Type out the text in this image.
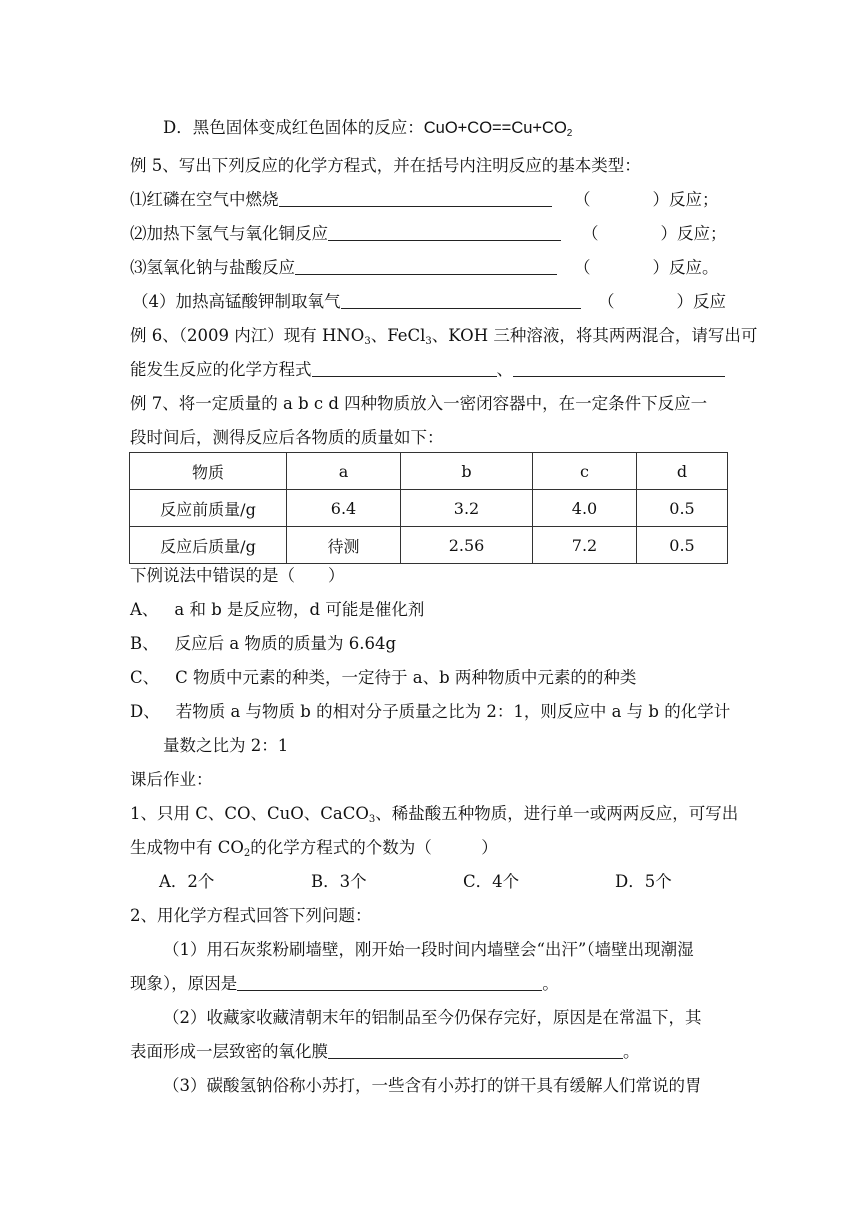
D．黑色固体变成红色固体的反应：$CuO+CO==Cu+CO_2$
例 5、写出下列反应的化学方程式，并在括号内注明反应的基本类型：
⑴红磷在空气中燃烧	（	）反应；
⑵加热下氢气与氧化铜反应	（	）反应；
⑶氢氧化钠与盐酸反应	（	）反应。
（4）加热高锰酸钾制取氧气	（	）反应
例 6、（2009 内江）现有 $HNO_3$、FeCl$_3$、KOH 三种溶液，将其两两混合，请写出可
能发生反应的化学方程式	、
例 7、将一定质量的 a b c d 四种物质放入一密闭容器中，在一定条件下反应一
段时间后，测得反应后各物质的质量如下：
物质	a	b	c	d
反应前质量/g	6.4	3.2	4.0	0.5
反应后质量/g	待测	2.56	7.2	0.5
下例说法中错误的是（　　）
A、 a 和 b 是反应物，d 可能是催化剂
B、 反应后 a 物质的质量为 6.64g
C、 C 物质中元素的种类，一定待于 a、b 两种物质中元素的的种类
D、 若物质 a 与物质 b 的相对分子质量之比为 2：1，则反应中 a 与 b 的化学计
量数之比为 2：1
课后作业：
1、只用 C、CO、CuO、CaCO$_3$、稀盐酸五种物质，进行单一或两两反应，可写出
生成物中有 $CO_2$的化学方程式的个数为（　　　）
A．2个	B．3个	C．4个	D．5个
2、用化学方程式回答下列问题：
（1）用石灰浆粉刷墙壁，刚开始一段时间内墙壁会“出汗”（墙壁出现潮湿
现象），原因是	。
（2）收藏家收藏清朝末年的铝制品至今仍保存完好，原因是在常温下，其
表面形成一层致密的氧化膜	。
（3）碳酸氢钠俗称小苏打，一些含有小苏打的饼干具有缓解人们常说的胃
